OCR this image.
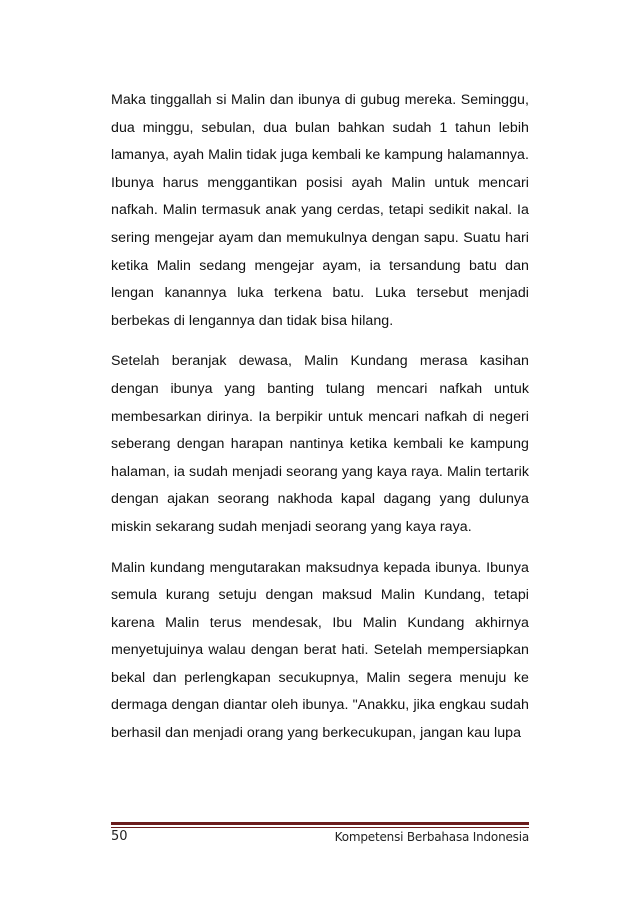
Maka tinggallah si Malin dan ibunya di gubug mereka. Seminggu, dua minggu, sebulan, dua bulan bahkan sudah 1 tahun lebih lamanya, ayah Malin tidak juga kembali ke kampung halamannya. Ibunya harus menggantikan posisi ayah Malin untuk mencari nafkah. Malin termasuk anak yang cerdas, tetapi sedikit nakal. Ia sering mengejar ayam dan memukulnya dengan sapu. Suatu hari ketika Malin sedang mengejar ayam, ia tersandung batu dan lengan kanannya luka terkena batu. Luka tersebut menjadi berbekas di lengannya dan tidak bisa hilang.

Setelah beranjak dewasa, Malin Kundang merasa kasihan dengan ibunya yang banting tulang mencari nafkah untuk membesarkan dirinya. Ia berpikir untuk mencari nafkah di negeri seberang dengan harapan nantinya ketika kembali ke kampung halaman, ia sudah menjadi seorang yang kaya raya. Malin tertarik dengan ajakan seorang nakhoda kapal dagang yang dulunya miskin sekarang sudah menjadi seorang yang kaya raya.

Malin kundang mengutarakan maksudnya kepada ibunya. Ibunya semula kurang setuju dengan maksud Malin Kundang, tetapi karena Malin terus mendesak, Ibu Malin Kundang akhirnya menyetujuinya walau dengan berat hati. Setelah mempersiapkan bekal dan perlengkapan secukupnya, Malin segera menuju ke dermaga dengan diantar oleh ibunya. "Anakku, jika engkau sudah berhasil dan menjadi orang yang berkecukupan, jangan kau lupa

50	Kompetensi Berbahasa Indonesia
